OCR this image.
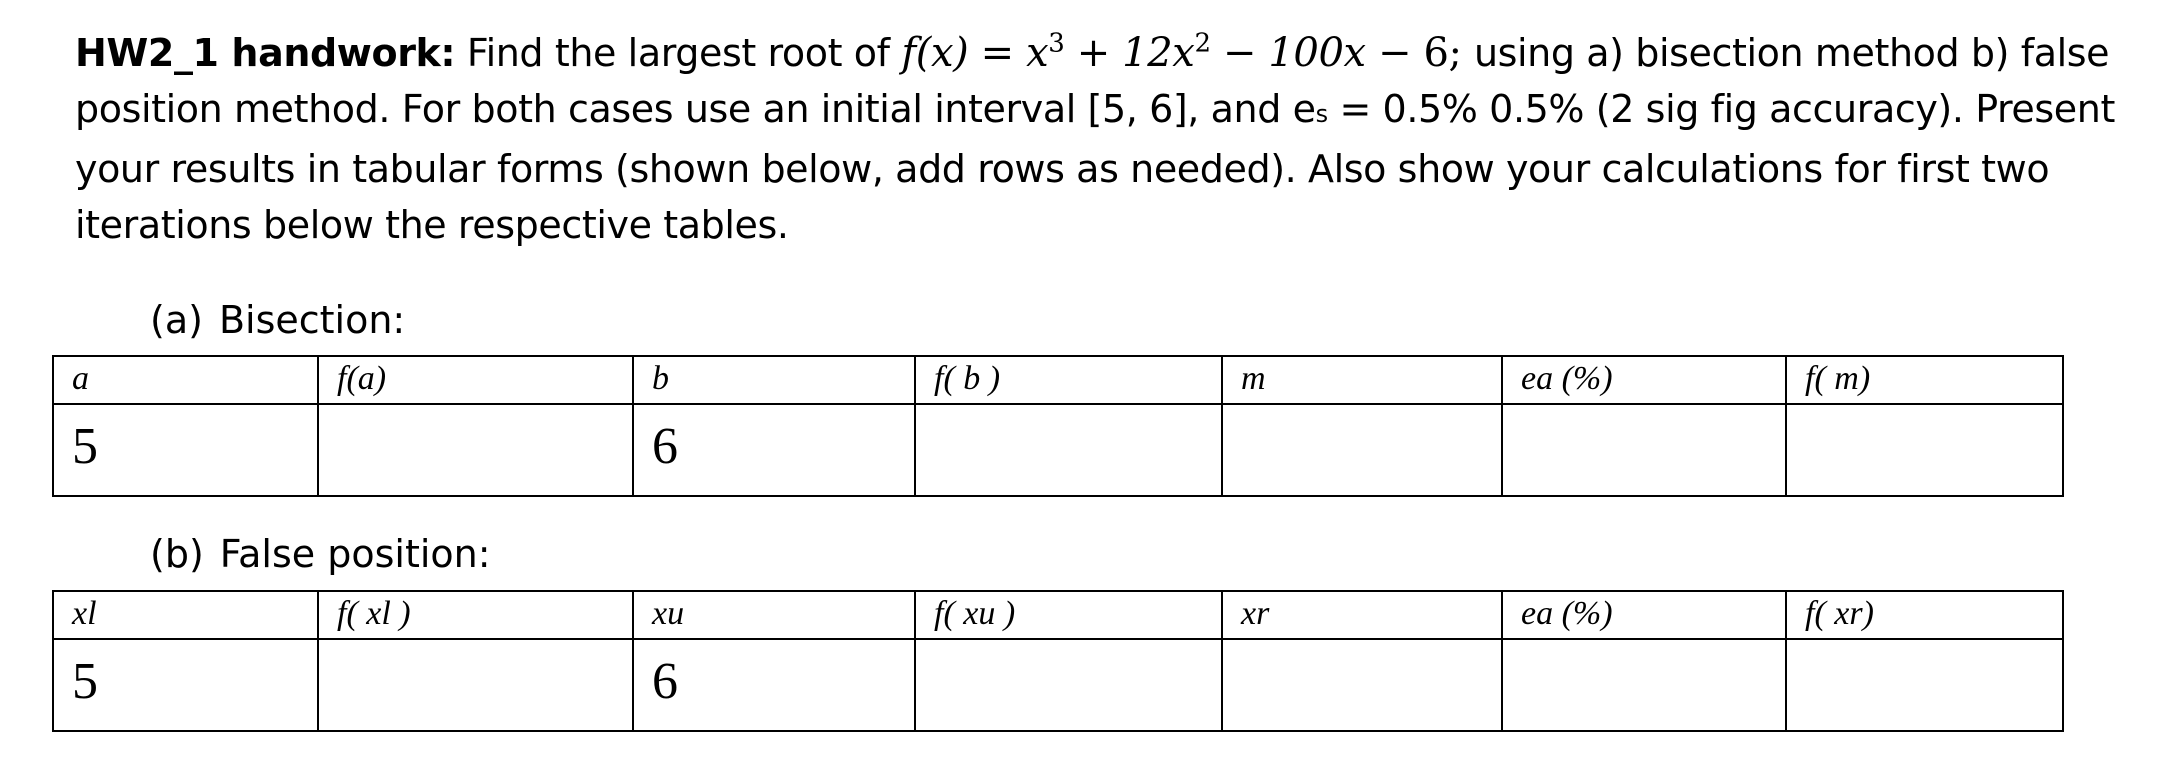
HW2_1 handwork: Find the largest root of $f(x) = x^3 + 12x^2 - 100x - 6$; using a) bisection method b) false position method. For both cases use an initial interval [5, 6], and es = 0.5% 0.5% (2 sig fig accuracy). Present your results in tabular forms (shown below, add rows as needed). Also show your calculations for first two iterations below the respective tables.
(a) Bisection:
a	f(a)	b	f( b )	m	ea (%)	f( m)
5		6				
(b) False position:
xl	f( xl )	xu	f( xu )	xr	ea (%)	f( xr)
5		6				
